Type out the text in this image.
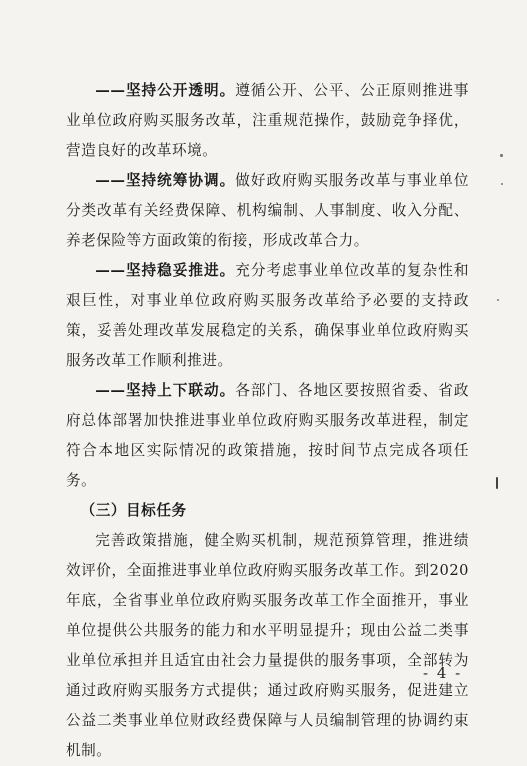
——坚持公开透明。遵循公开、公平、公正原则推进事业单位政府购买服务改革，注重规范操作，鼓励竞争择优，营造良好的改革环境。

——坚持统筹协调。做好政府购买服务改革与事业单位分类改革有关经费保障、机构编制、人事制度、收入分配、养老保险等方面政策的衔接，形成改革合力。

——坚持稳妥推进。充分考虑事业单位改革的复杂性和艰巨性，对事业单位政府购买服务改革给予必要的支持政策，妥善处理改革发展稳定的关系，确保事业单位政府购买服务改革工作顺利推进。

——坚持上下联动。各部门、各地区要按照省委、省政府总体部署加快推进事业单位政府购买服务改革进程，制定符合本地区实际情况的政策措施，按时间节点完成各项任务。

（三）目标任务

完善政策措施，健全购买机制，规范预算管理，推进绩效评价，全面推进事业单位政府购买服务改革工作。到2020年底，全省事业单位政府购买服务改革工作全面推开，事业单位提供公共服务的能力和水平明显提升；现由公益二类事业单位承担并且适宜由社会力量提供的服务事项，全部转为通过政府购买服务方式提供；通过政府购买服务，促进建立公益二类事业单位财政经费保障与人员编制管理的协调约束机制。

- 4 -
